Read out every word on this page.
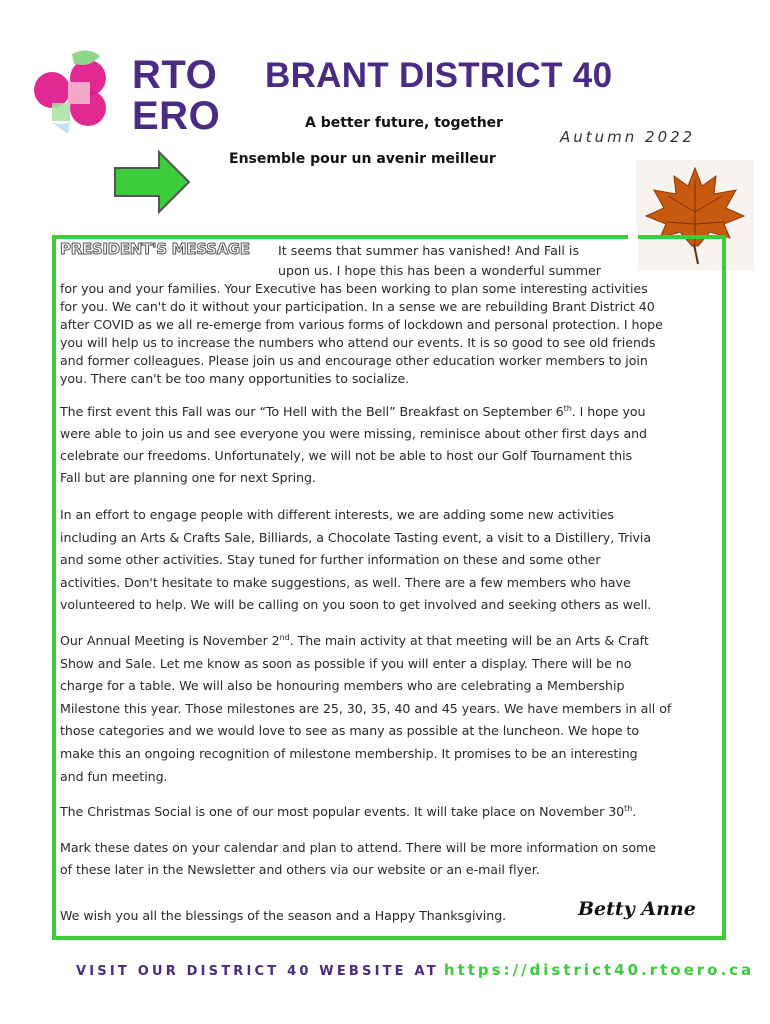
RTO
ERO
BRANT DISTRICT 40
A better future, together
Ensemble pour un avenir meilleur
Autumn 2022
PRESIDENT'S MESSAGE It seems that summer has vanished! And Fall is
upon us. I hope this has been a wonderful summer
for you and your families. Your Executive has been working to plan some interesting activities
for you. We can't do it without your participation. In a sense we are rebuilding Brant District 40
after COVID as we all re-emerge from various forms of lockdown and personal protection. I hope
you will help us to increase the numbers who attend our events. It is so good to see old friends
and former colleagues. Please join us and encourage other education worker members to join
you. There can't be too many opportunities to socialize.
The first event this Fall was our “To Hell with the Bell” Breakfast on September 6th. I hope you
were able to join us and see everyone you were missing, reminisce about other first days and
celebrate our freedoms. Unfortunately, we will not be able to host our Golf Tournament this
Fall but are planning one for next Spring.
In an effort to engage people with different interests, we are adding some new activities
including an Arts & Crafts Sale, Billiards, a Chocolate Tasting event, a visit to a Distillery, Trivia
and some other activities. Stay tuned for further information on these and some other
activities. Don't hesitate to make suggestions, as well. There are a few members who have
volunteered to help. We will be calling on you soon to get involved and seeking others as well.
Our Annual Meeting is November 2nd. The main activity at that meeting will be an Arts & Craft
Show and Sale. Let me know as soon as possible if you will enter a display. There will be no
charge for a table. We will also be honouring members who are celebrating a Membership
Milestone this year. Those milestones are 25, 30, 35, 40 and 45 years. We have members in all of
those categories and we would love to see as many as possible at the luncheon. We hope to
make this an ongoing recognition of milestone membership. It promises to be an interesting
and fun meeting.
The Christmas Social is one of our most popular events. It will take place on November 30th.
Mark these dates on your calendar and plan to attend. There will be more information on some
of these later in the Newsletter and others via our website or an e-mail flyer.
We wish you all the blessings of the season and a Happy Thanksgiving.	Betty Anne
VISIT OUR DISTRICT 40 WEBSITE AT https://district40.rtoero.ca
